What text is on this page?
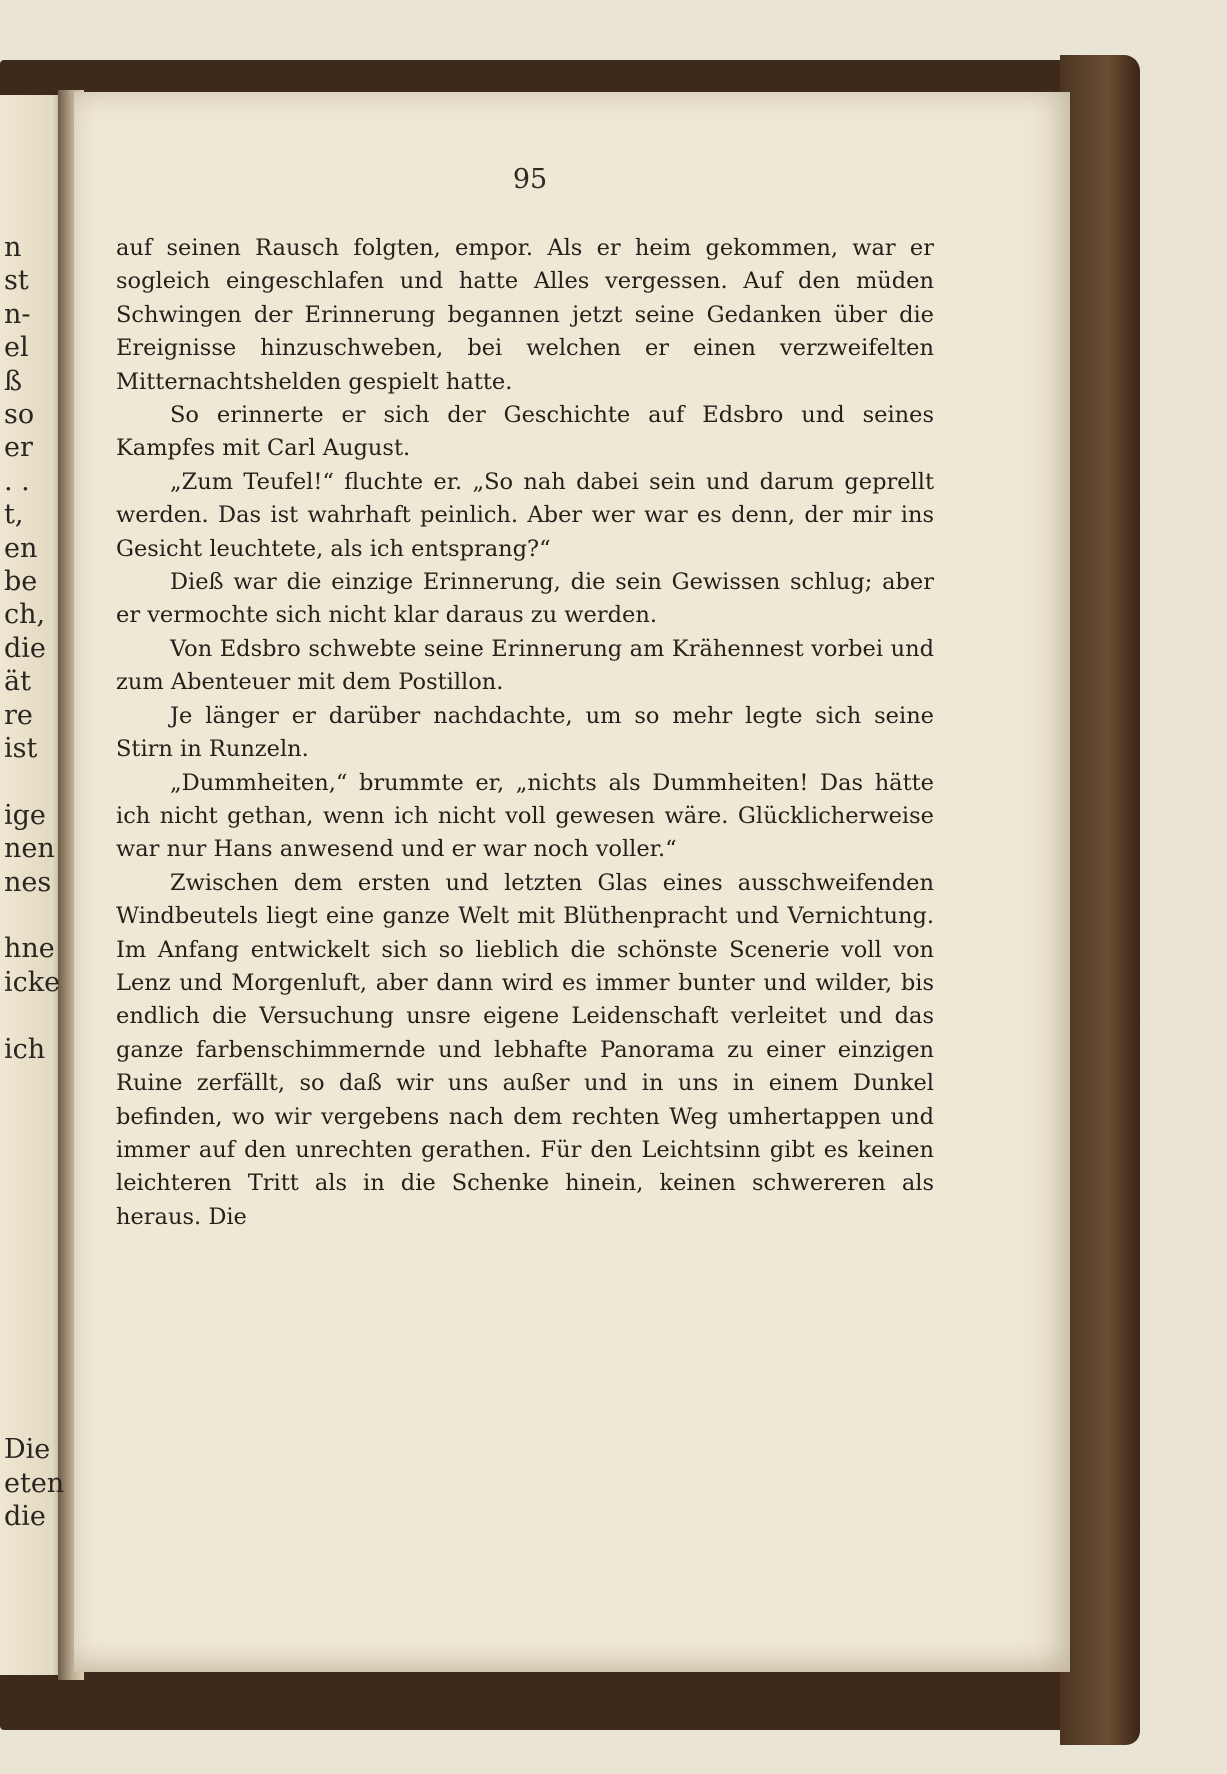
n
st
n-
el
ß
so
er
. .
t,
en
be
ch,
die
ät
re
ist
ige
nen
nes
hne
icke
ich
Die
eten
die
95

auf seinen Rausch folgten, empor. Als er heim gekommen, war er sogleich eingeschlafen und hatte Alles vergessen. Auf den müden Schwingen der Erinnerung begannen jetzt seine Gedanken über die Ereignisse hinzuschweben, bei welchen er einen verzweifelten Mitternachtshelden gespielt hatte.

So erinnerte er sich der Geschichte auf Edsbro und seines Kampfes mit Carl August.

„Zum Teufel!“ fluchte er. „So nah dabei sein und darum geprellt werden. Das ist wahrhaft peinlich. Aber wer war es denn, der mir ins Gesicht leuchtete, als ich entsprang?“

Dieß war die einzige Erinnerung, die sein Gewissen schlug; aber er vermochte sich nicht klar daraus zu werden.

Von Edsbro schwebte seine Erinnerung am Krähennest vorbei und zum Abenteuer mit dem Postillon.

Je länger er darüber nachdachte, um so mehr legte sich seine Stirn in Runzeln.

„Dummheiten,“ brummte er, „nichts als Dummheiten! Das hätte ich nicht gethan, wenn ich nicht voll gewesen wäre. Glücklicherweise war nur Hans anwesend und er war noch voller.“

Zwischen dem ersten und letzten Glas eines ausschweifenden Windbeutels liegt eine ganze Welt mit Blüthenpracht und Vernichtung. Im Anfang entwickelt sich so lieblich die schönste Scenerie voll von Lenz und Morgenluft, aber dann wird es immer bunter und wilder, bis endlich die Versuchung unsre eigene Leidenschaft verleitet und das ganze farbenschimmernde und lebhafte Panorama zu einer einzigen Ruine zerfällt, so daß wir uns außer und in uns in einem Dunkel befinden, wo wir vergebens nach dem rechten Weg umhertappen und immer auf den unrechten gerathen. Für den Leichtsinn gibt es keinen leichteren Tritt als in die Schenke hinein, keinen schwereren als heraus. Die
